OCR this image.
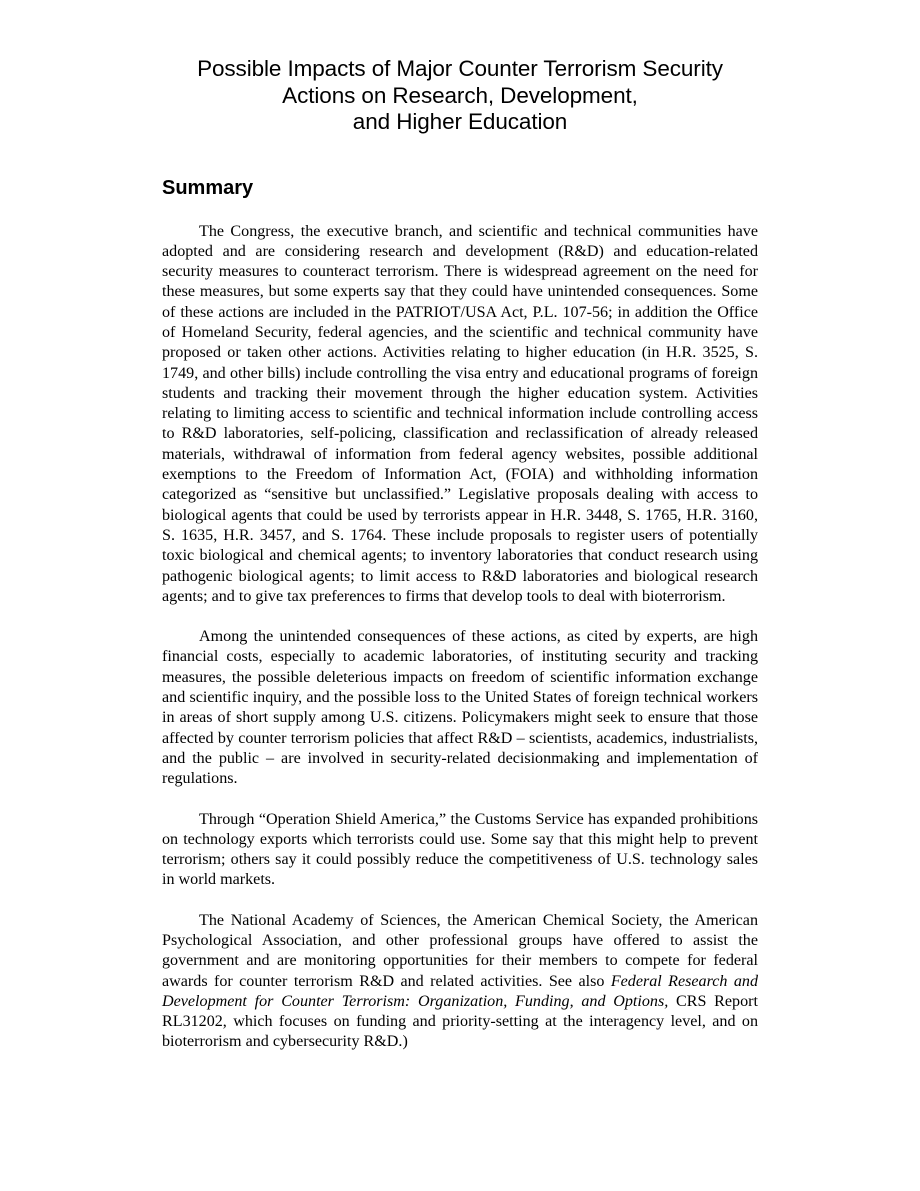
Possible Impacts of Major Counter Terrorism Security
Actions on Research, Development,
and Higher Education
Summary

The Congress, the executive branch, and scientific and technical communities have adopted and are considering research and development (R&D) and education-related security measures to counteract terrorism. There is widespread agreement on the need for these measures, but some experts say that they could have unintended consequences. Some of these actions are included in the PATRIOT/USA Act, P.L. 107-56; in addition the Office of Homeland Security, federal agencies, and the scientific and technical community have proposed or taken other actions. Activities relating to higher education (in H.R. 3525, S. 1749, and other bills) include controlling the visa entry and educational programs of foreign students and tracking their movement through the higher education system. Activities relating to limiting access to scientific and technical information include controlling access to R&D laboratories, self-policing, classification and reclassification of already released materials, withdrawal of information from federal agency websites, possible additional exemptions to the Freedom of Information Act, (FOIA) and withholding information categorized as “sensitive but unclassified.” Legislative proposals dealing with access to biological agents that could be used by terrorists appear in H.R. 3448, S. 1765, H.R. 3160, S. 1635, H.R. 3457, and S. 1764. These include proposals to register users of potentially toxic biological and chemical agents; to inventory laboratories that conduct research using pathogenic biological agents; to limit access to R&D laboratories and biological research agents; and to give tax preferences to firms that develop tools to deal with bioterrorism.

Among the unintended consequences of these actions, as cited by experts, are high financial costs, especially to academic laboratories, of instituting security and tracking measures, the possible deleterious impacts on freedom of scientific information exchange and scientific inquiry, and the possible loss to the United States of foreign technical workers in areas of short supply among U.S. citizens. Policymakers might seek to ensure that those affected by counter terrorism policies that affect R&D – scientists, academics, industrialists, and the public – are involved in security-related decisionmaking and implementation of regulations.

Through “Operation Shield America,” the Customs Service has expanded prohibitions on technology exports which terrorists could use. Some say that this might help to prevent terrorism; others say it could possibly reduce the competitiveness of U.S. technology sales in world markets.

The National Academy of Sciences, the American Chemical Society, the American Psychological Association, and other professional groups have offered to assist the government and are monitoring opportunities for their members to compete for federal awards for counter terrorism R&D and related activities. See also Federal Research and Development for Counter Terrorism: Organization, Funding, and Options, CRS Report RL31202, which focuses on funding and priority-setting at the interagency level, and on bioterrorism and cybersecurity R&D.)
